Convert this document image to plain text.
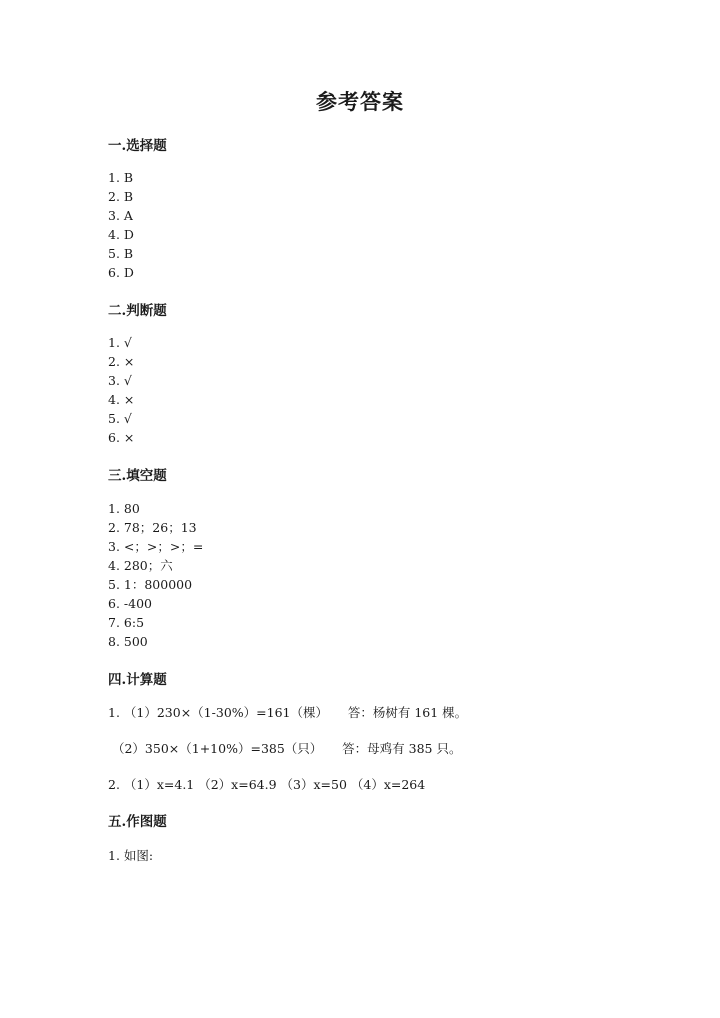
参考答案
一.选择题
1. B
2. B
3. A
4. D
5. B
6. D
二.判断题
1. √
2. ×
3. √
4. ×
5. √
6. ×
三.填空题
1. 80
2. 78；26；13
3. <；>；>；=
4. 280；六
5. 1：800000
6. -400
7. 6:5
8. 500
四.计算题
1. （1）230×（1-30%）=161（棵）     答：杨树有 161 棵。
（2）350×（1+10%）=385（只）     答：母鸡有 385 只。
2. （1）x=4.1 （2）x=64.9 （3）x=50 （4）x=264
五.作图题
1. 如图:
